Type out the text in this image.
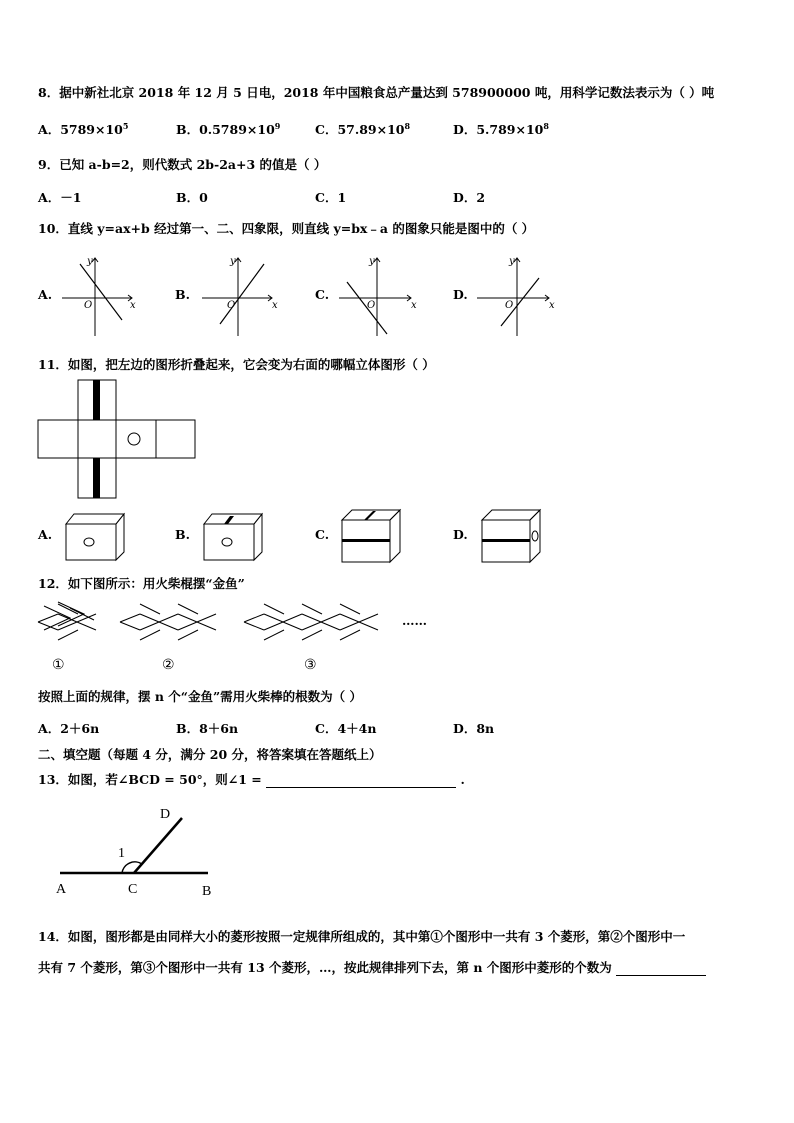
8．据中新社北京 2018 年 12 月 5 日电，2018 年中国粮食总产量达到 578900000 吨，用科学记数法表示为（ ）吨
A．$5789\times 10^5$	B．$0.5789\times 10^9$	C．$57.89\times 10^8$	D．$5.789\times 10^8$
9．已知 a-b=2，则代数式 2b-2a+3 的值是（ ）
A．－1	B．0	C．1	D．2
10．直线 y=ax+b 经过第一、二、四象限，则直线 y=bx﹣a 的图象只能是图中的（ ）
A.
y
x
O
B.
y
x
O
C.
y
x
O
D.
y
x
O
11．如图，把左边的图形折叠起来，它会变为右面的哪幅立体图形（ ）
A.	B.	C.	D.
12．如下图所示：用火柴棍摆“金鱼”
……
①	②	③
按照上面的规律，摆 n 个“金鱼”需用火柴棒的根数为（ ）
A．2＋6n	B．8＋6n	C．4＋4n	D．8n
二、填空题（每题 4 分，满分 20 分，将答案填在答题纸上）
13．如图，若∠BCD = 50°，则∠1 =	.
D
1
A	C	B
14．如图，图形都是由同样大小的菱形按照一定规律所组成的，其中第①个图形中一共有 3 个菱形，第②个图形中一
共有 7 个菱形，第③个图形中一共有 13 个菱形，…，按此规律排列下去，第 n 个图形中菱形的个数为
